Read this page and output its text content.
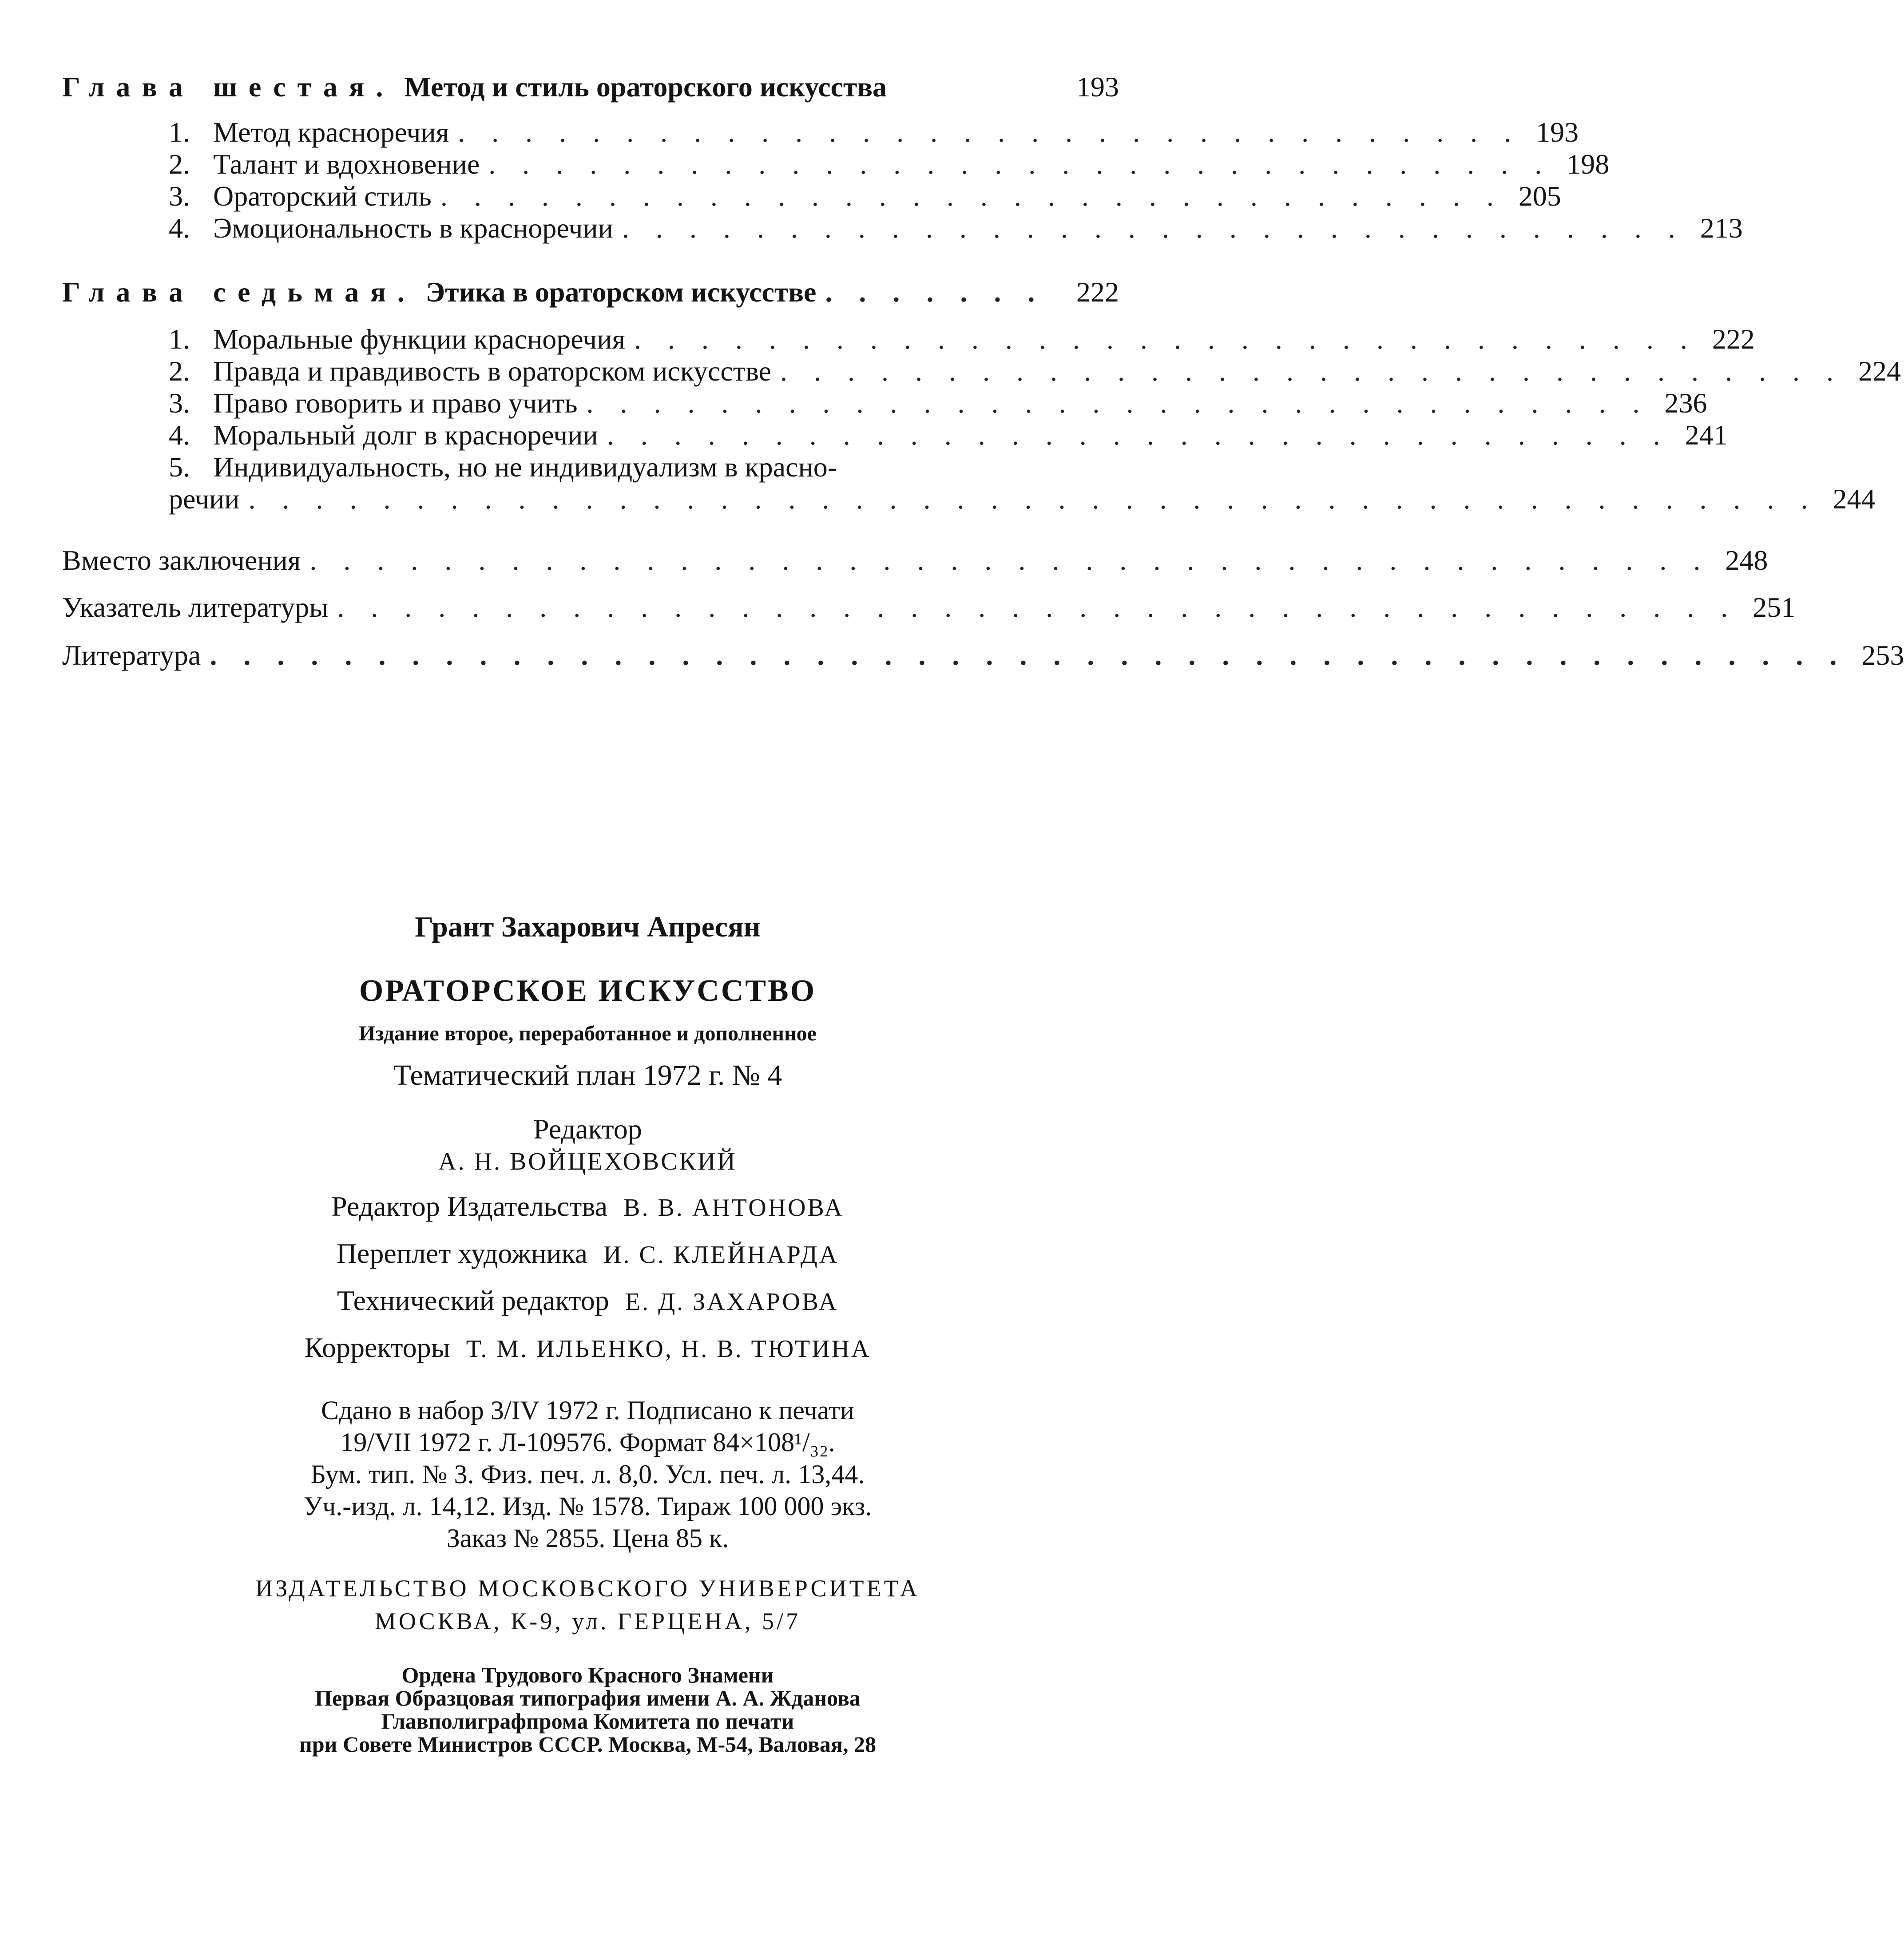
Глава шестая. Метод и стиль ораторского искусства	193
1. Метод красноречия . . . . . . . . . . . . . . . . . . . . . . . . . . . . . . . . 193
2. Талант и вдохновение . . . . . . . . . . . . . . . . . . . . . . . . . . . . . . . . 198
3. Ораторский стиль . . . . . . . . . . . . . . . . . . . . . . . . . . . . . . . . 205
4. Эмоциональность в красноречии . . . . . . . . . . . . . . . . . . . . . . . . . . . . . . . . 213
Глава седьмая. Этика в ораторском искусстве . . . . . . .	222
1. Моральные функции красноречия . . . . . . . . . . . . . . . . . . . . . . . . . . . . . . . . 222
2. Правда и правдивость в ораторском искусстве . . . . . . . . . . . . . . . . . . . . . . . . . . . . . . . . 224
3. Право говорить и право учить . . . . . . . . . . . . . . . . . . . . . . . . . . . . . . . . 236
4. Моральный долг в красноречии . . . . . . . . . . . . . . . . . . . . . . . . . . . . . . . . 241
5. Индивидуальность, но не индивидуализм в красно-
речии . . . . . . . . . . . . . . . . . . . . . . . . . . . . . . . . . . . . . . . . . . . . . . . 244
Вместо заключения . . . . . . . . . . . . . . . . . . . . . . . . . . . . . . . . . . . . . . . . . . 248
Указатель литературы . . . . . . . . . . . . . . . . . . . . . . . . . . . . . . . . . . . . . . . . . . 251
Литература . . . . . . . . . . . . . . . . . . . . . . . . . . . . . . . . . . . . . . . . . . . . . . . . . 253
Грант Захарович Апресян
ОРАТОРСКОЕ ИСКУССТВО
Издание второе, переработанное и дополненное
Тематический план 1972 г. № 4
Редактор
А. Н. ВОЙЦЕХОВСКИЙ
Редактор Издательства В. В. АНТОНОВА
Переплет художника И. С. КЛЕЙНАРДА
Технический редактор Е. Д. ЗАХАРОВА
Корректоры Т. М. ИЛЬЕНКО, Н. В. ТЮТИНА
Сдано в набор 3/IV 1972 г. Подписано к печати
19/VII 1972 г. Л-109576. Формат 84×108¹/₃₂.
Бум. тип. № 3. Физ. печ. л. 8,0. Усл. печ. л. 13,44.
Уч.-изд. л. 14,12. Изд. № 1578. Тираж 100 000 экз.
Заказ № 2855. Цена 85 к.
ИЗДАТЕЛЬСТВО МОСКОВСКОГО УНИВЕРСИТЕТА
МОСКВА, К-9, ул. ГЕРЦЕНА, 5/7
Ордена Трудового Красного Знамени
Первая Образцовая типография имени А. А. Жданова
Главполиграфпрома Комитета по печати
при Совете Министров СССР. Москва, М-54, Валовая, 28
